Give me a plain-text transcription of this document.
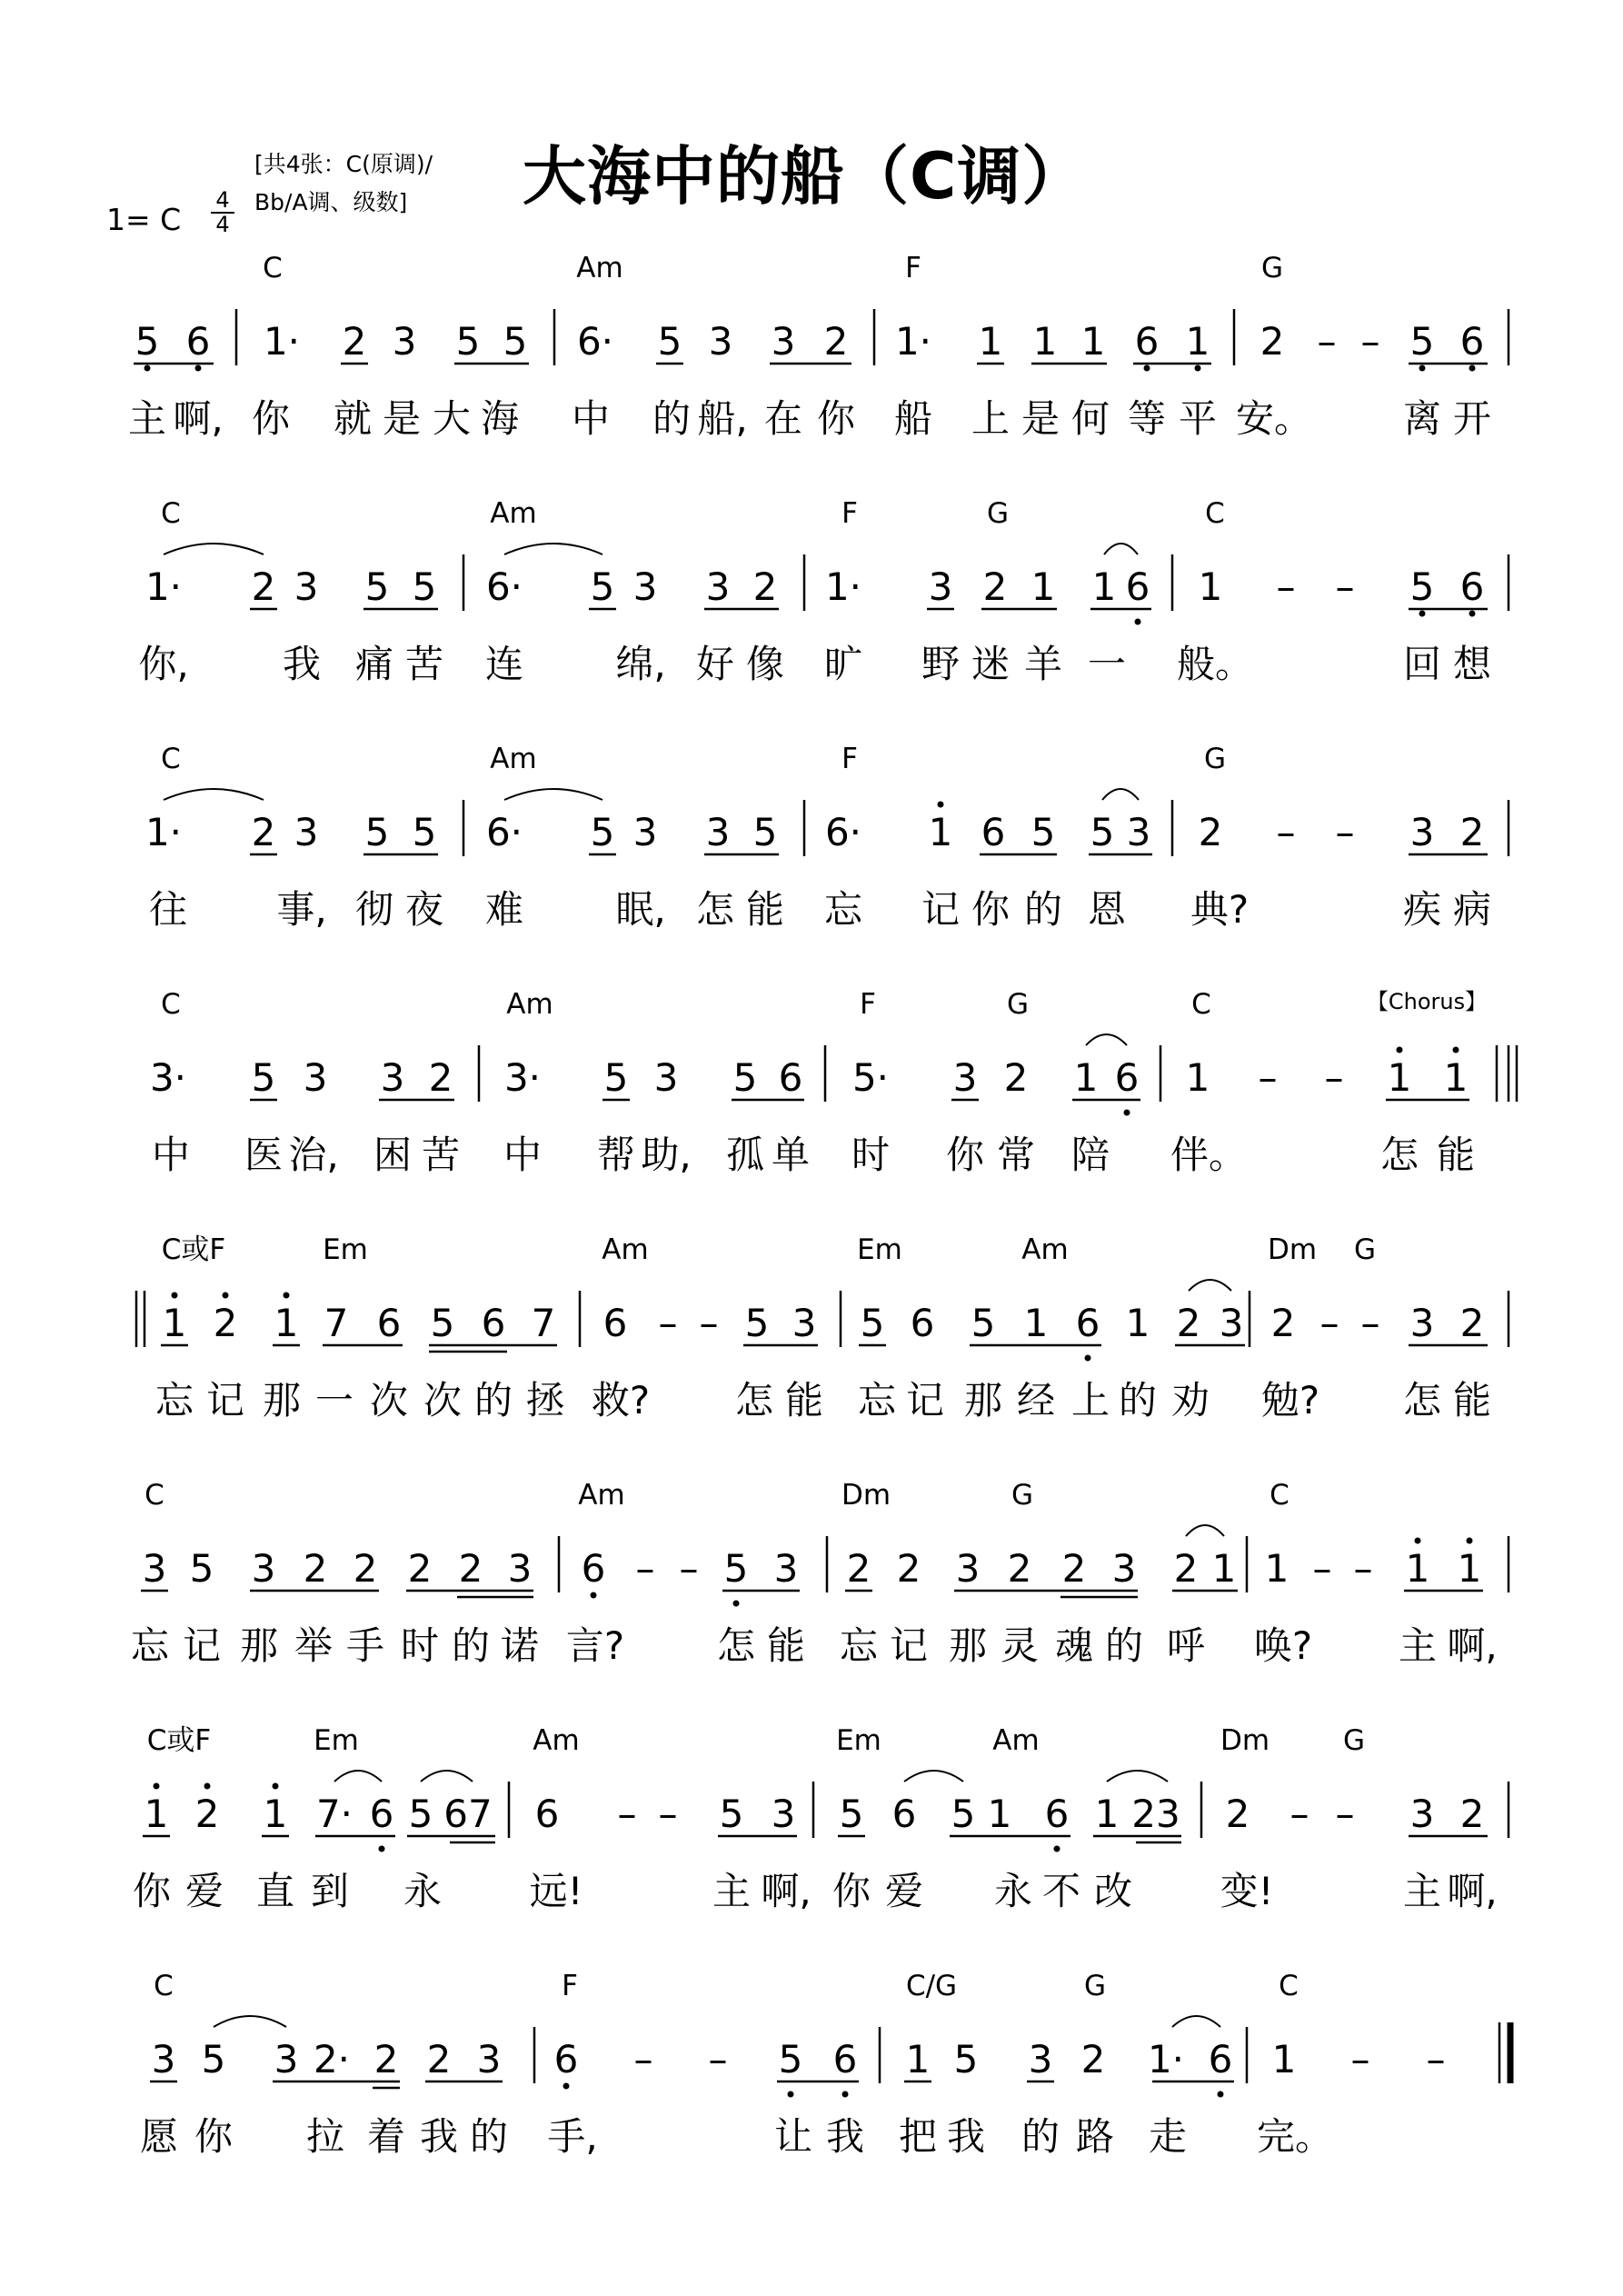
大海中的船（C调）
[共4张：C(原调)/
Bb/A调、级数]
1= C
4
4
C	Am	F	G
5 6 1· 2 3 5 5 6· 5 3 3 2 1· 1 1 1 6 1 2 – – 5 6
主 啊, 你 就 是 大 海 中 的 船, 在 你 船 上 是 何 等 平 安。 离 开
C	Am	F	G	C
1· 2 3 5 5 6· 5 3 3 2 1· 3 2 1 1 6 1 – – 5 6
你, 我 痛 苦 连 绵, 好 像 旷 野 迷 羊 一 般。	回 想
C	Am	F	G
1· 2 3 5 5 6· 5 3 3 5 6· 1 6 5 5 3 2 – – 3 2
往 事, 彻 夜 难 眠, 怎 能 忘 记 你 的 恩 典?	疾 病
C	Am	F	G	C	【Chorus】
3· 5 3 3 2 3· 5 3 5 6 5· 3 2 1 6 1 – – 1 1
中 医 治, 困 苦 中 帮 助, 孤 单 时 你 常 陪 伴。	怎 能
C或F	Em	Am	Em	Am	Dm G
1 2 1 7 6 5 6 7 6 – – 5 3 5 6 5 1 6 1 2 3 2 – – 3 2
忘 记 那 一 次 次 的 拯 救? 怎 能 忘 记 那 经 上 的 劝 勉? 怎 能
C	Am	Dm	G	C
3 5 3 2 2 2 2 3 6 – – 5 3 2 2 3 2 2 3 2 1 1 – – 1 1
忘 记 那 举 手 时 的 诺 言? 怎 能 忘 记 那 灵 魂 的 呼 唤? 主 啊,
C或F	Em	Am	Em	Am	Dm	G
1 2 1 7· 6 5 67 6 – – 5 3 5 6 5 1 6 1 23 2 – – 3 2
你 爱 直 到 永 远!	主 啊, 你 爱 永 不 改 变!	主 啊,
C	F	C/G	G	C
3 5 3 2· 2 2 3 6 – – 5 6 1 5 3 2 1· 6 1 – –
愿 你 拉 着 我 的 手,	让 我 把 我 的 路 走 完。
